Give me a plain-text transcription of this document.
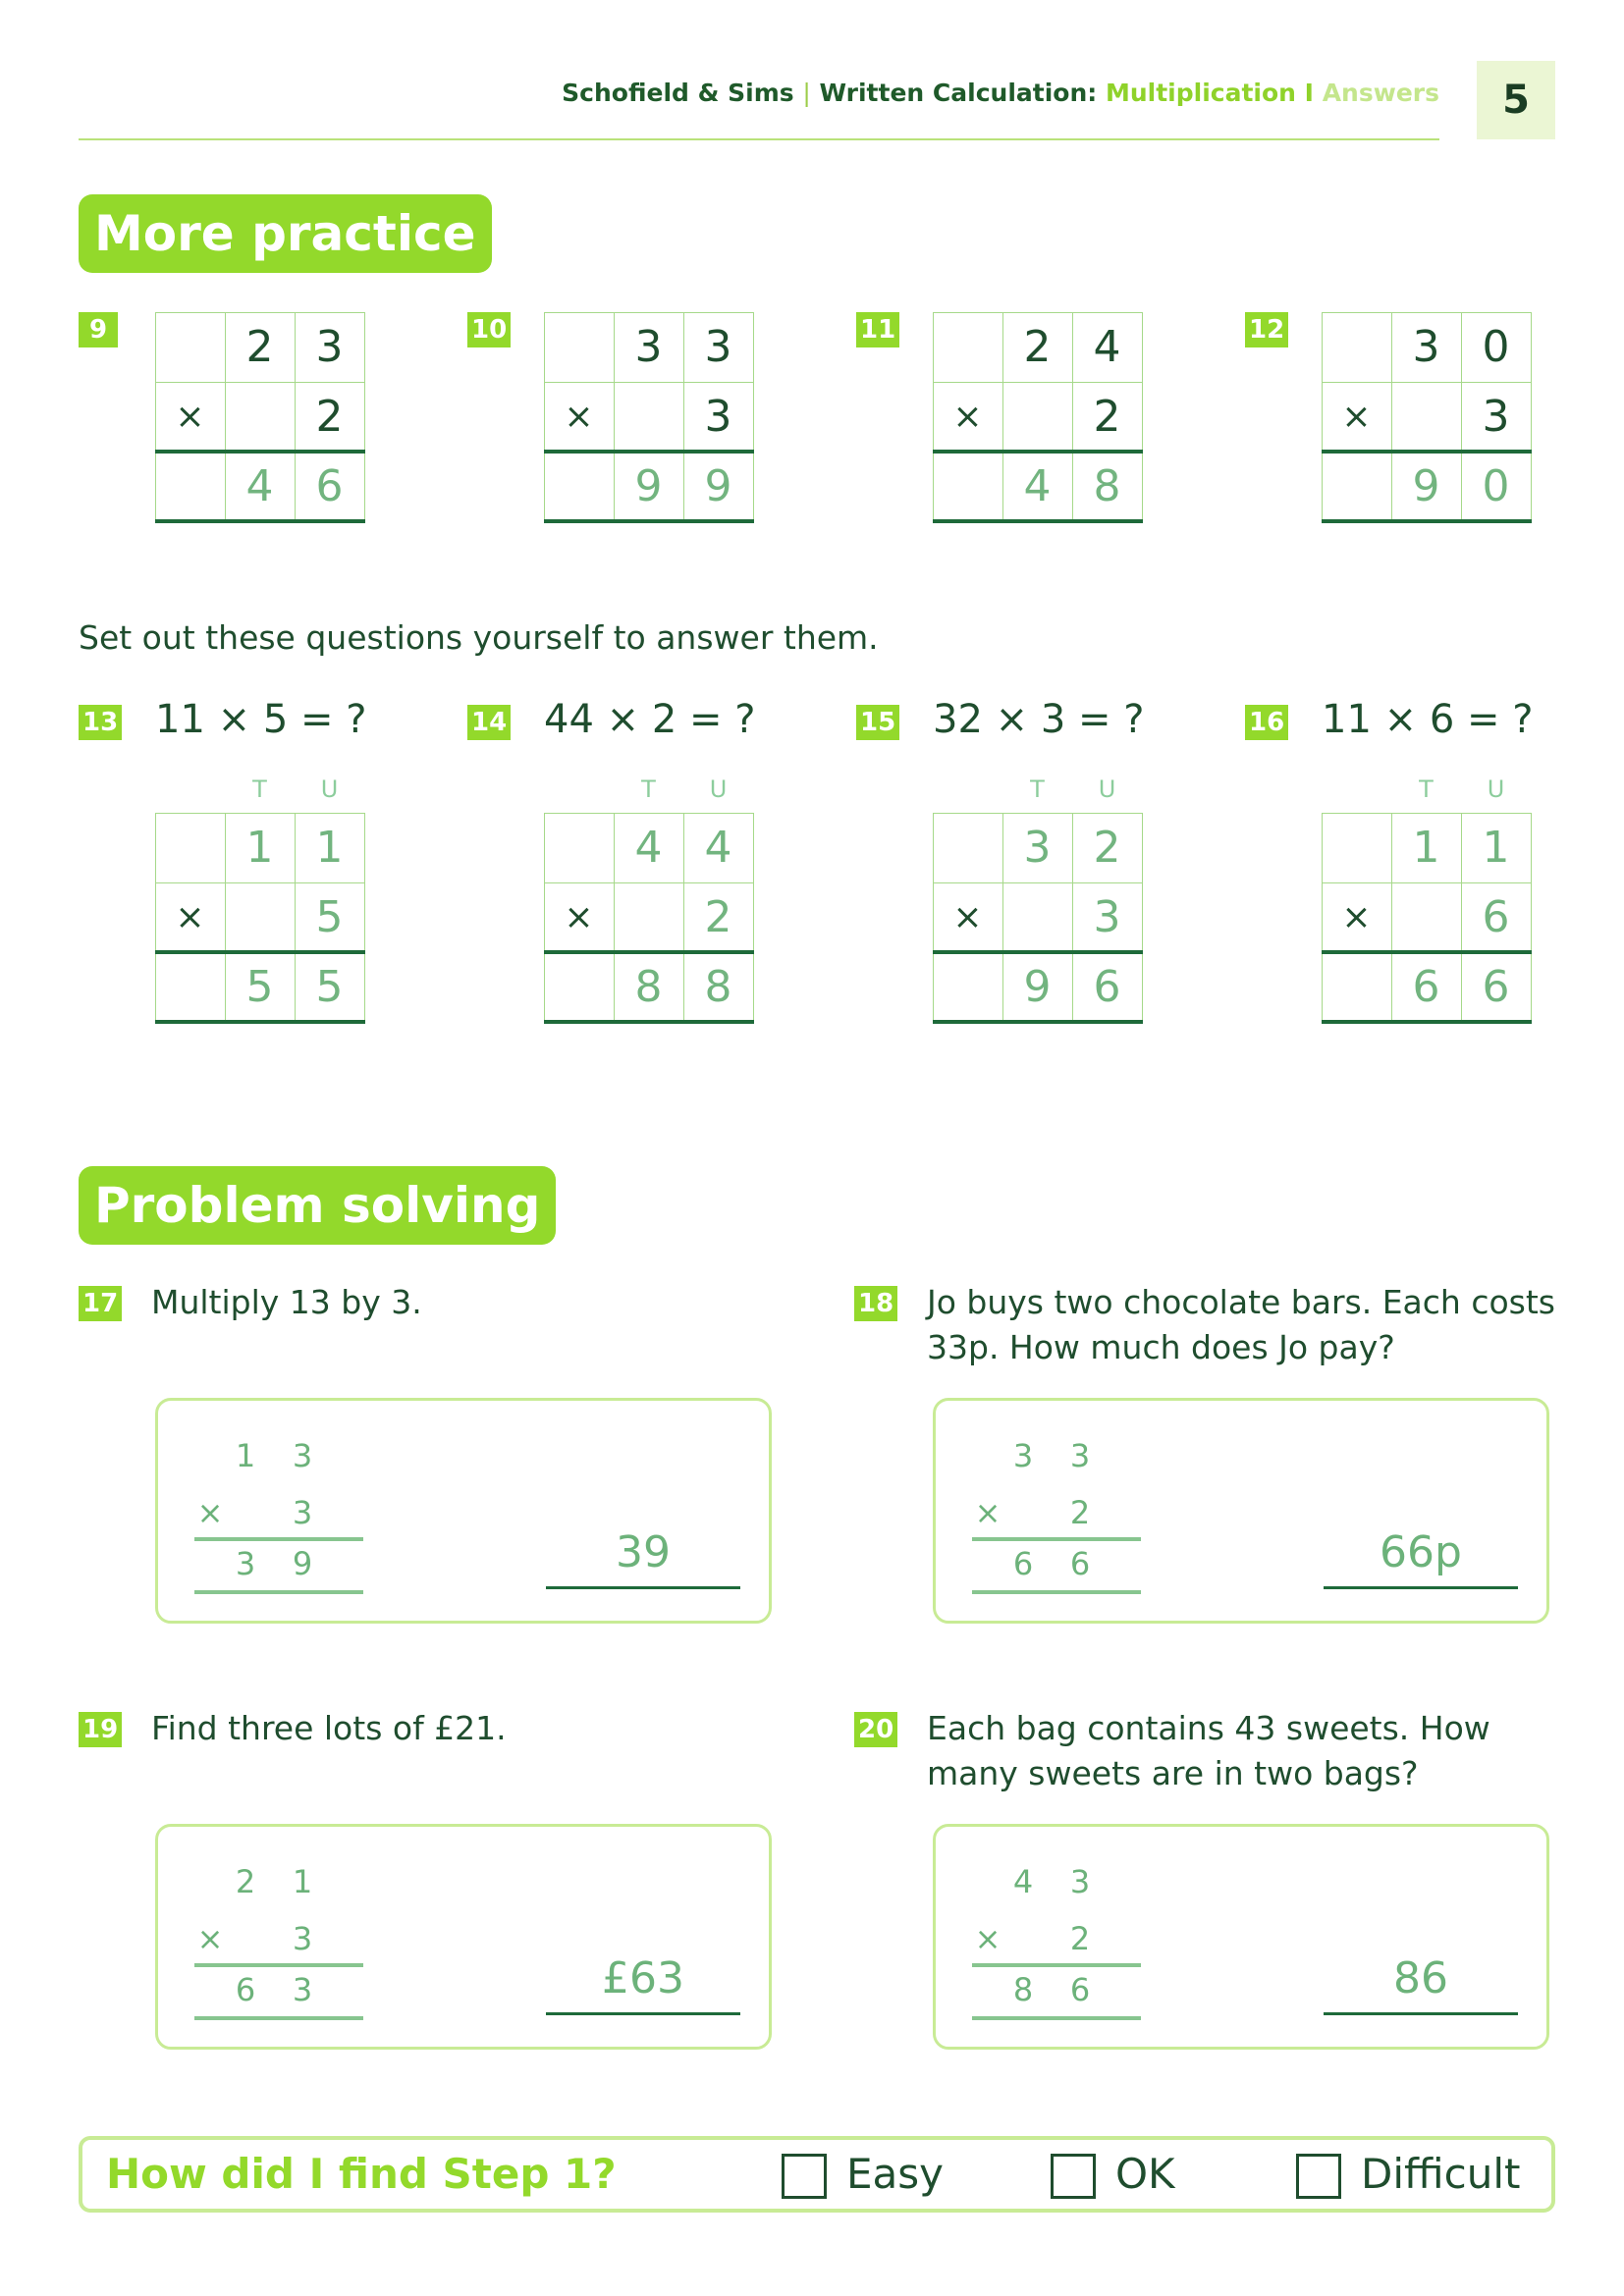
Schofield & Sims | Written Calculation: Multiplication I Answers	5
More practice
9	2 3
×	2
4 6
10	3 3
×	3
9 9
11	2 4
×	2
4 8
12	3 0
×	3
9 0
Set out these questions yourself to answer them.
13 11 × 5 = ?
T	U
1 1
×	5
5 5
14 44 × 2 = ?
T	U
4 4
×	2
8 8
15 32 × 3 = ?
T	U
3 2
×	3
9 6
16 11 × 6 = ?
T	U
1 1
×	6
6 6
Problem solving
17 Multiply 13 by 3.
1	3
×	3
3	9	39
18 Jo buys two chocolate bars. Each costs 33p. How much does Jo pay?
3	3
×	2
6	6	66p
19 Find three lots of £21.
2	1
×	3
6	3	£63
20 Each bag contains 43 sweets. How many sweets are in two bags?
4	3
×	2
8	6	86
How did I find Step 1?	Easy	OK	Difficult
